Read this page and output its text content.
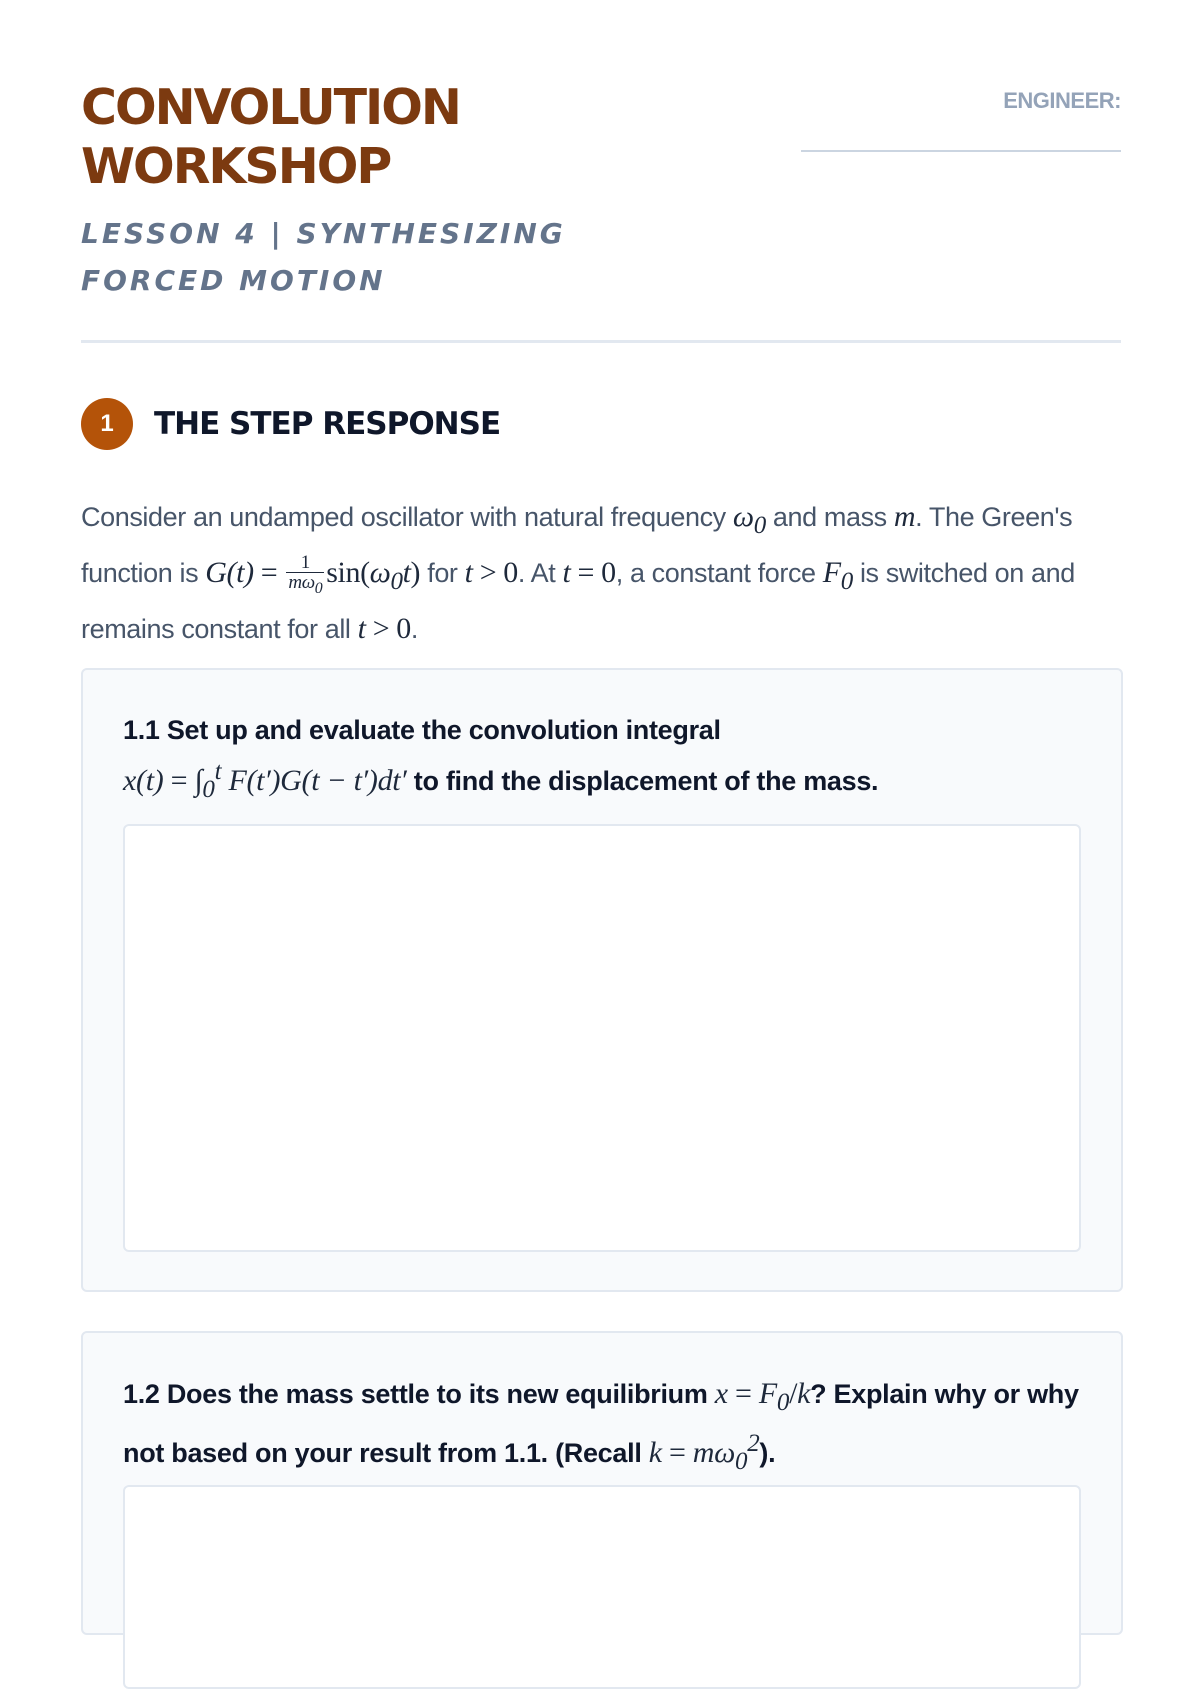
CONVOLUTION WORKSHOP
LESSON 4 | SYNTHESIZING FORCED MOTION
ENGINEER:
1	THE STEP RESPONSE

Consider an undamped oscillator with natural frequency $\omega_0$ and mass m. The Green's function is $G(t) = \frac{1}{m\omega_0} \sin(\omega_0t)$ for t > 0. At t = 0, a constant force $F_0$ is switched on and remains constant for all t > 0.

1.1 Set up and evaluate the convolution integral
$x(t) = \int_0^t$ F(t′)G(t − t′)dt′ to find the displacement of the mass.

1.2 Does the mass settle to its new equilibrium $x = F_0/k$? Explain why or why not based on your result from 1.1. (Recall $k = m\omega_0^2$).
